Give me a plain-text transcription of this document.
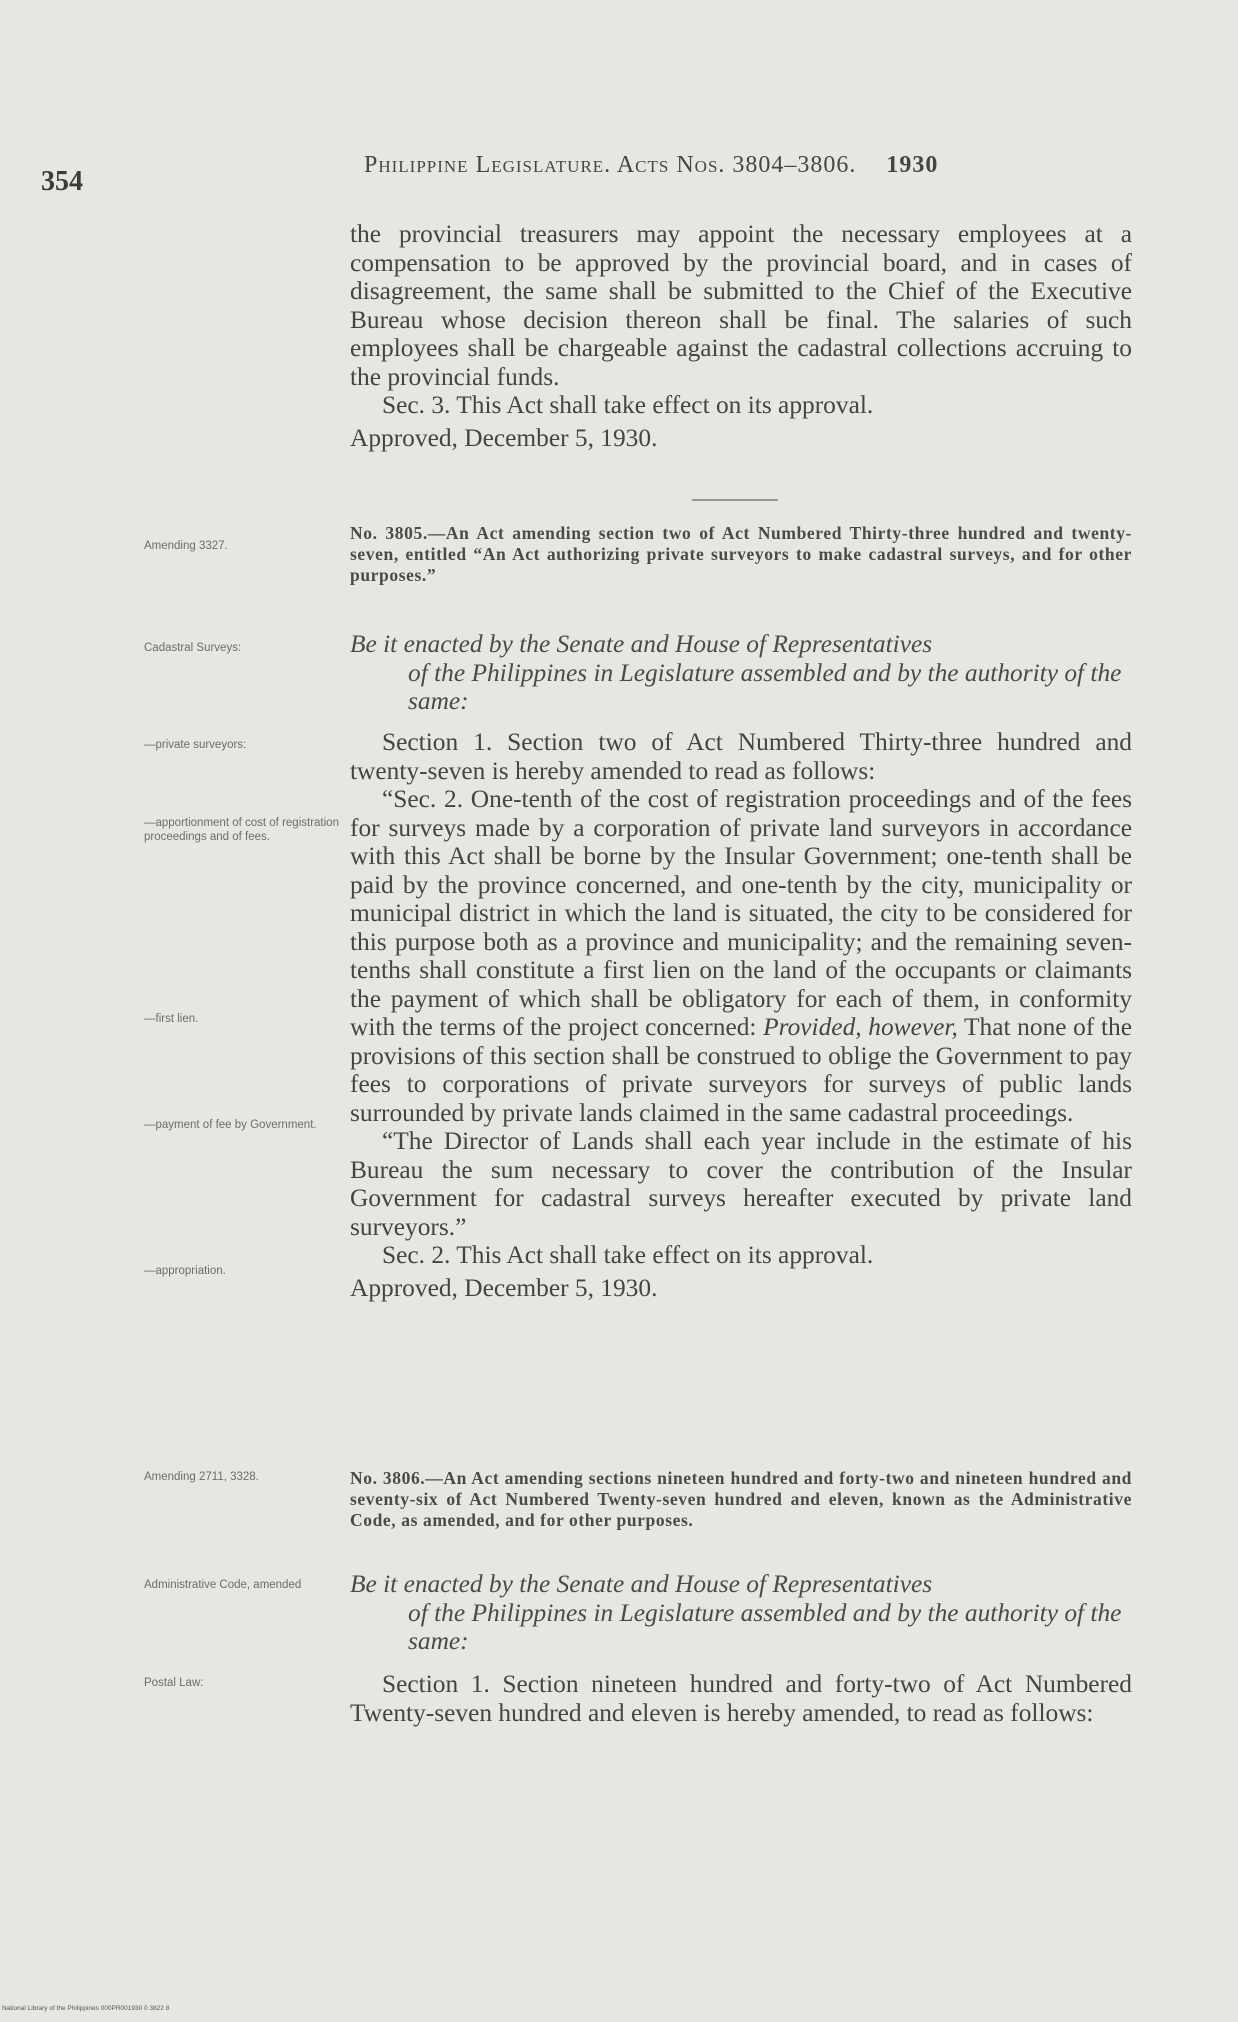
354
Philippine Legislature. Acts Nos. 3804–3806. 1930

the provincial treasurers may appoint the necessary employees at a compensation to be approved by the provincial board, and in cases of disagreement, the same shall be submitted to the Chief of the Executive Bureau whose decision thereon shall be final. The salaries of such employees shall be chargeable against the cadastral collections accruing to the provincial funds.

Sec. 3. This Act shall take effect on its approval.

Approved, December 5, 1930.

Amending 3327.
No. 3805.—An Act amending section two of Act Numbered Thirty-three hundred and twenty-seven, entitled “An Act authorizing private surveyors to make cadastral surveys, and for other purposes.”
Cadastral Surveys:	Be it enacted by the Senate and House of Representatives
of the Philippines in Legislature assembled and by the authority of the same:
—private surveyors:
—apportionment of cost of registration proceedings and of fees.
—first lien.
—payment of fee by Government.
—appropriation.

Section 1. Section two of Act Numbered Thirty-three hundred and twenty-seven is hereby amended to read as follows:

“Sec. 2. One-tenth of the cost of registration proceedings and of the fees for surveys made by a corporation of private land surveyors in accordance with this Act shall be borne by the Insular Government; one-tenth shall be paid by the province concerned, and one-tenth by the city, municipality or municipal district in which the land is situated, the city to be considered for this purpose both as a province and municipality; and the remaining seven-tenths shall constitute a first lien on the land of the occupants or claimants the payment of which shall be obligatory for each of them, in conformity with the terms of the project concerned: Provided, however, That none of the provisions of this section shall be construed to oblige the Government to pay fees to corporations of private surveyors for surveys of public lands surrounded by private lands claimed in the same cadastral proceedings.

“The Director of Lands shall each year include in the estimate of his Bureau the sum necessary to cover the contribution of the Insular Government for cadastral surveys hereafter executed by private land surveyors.”

Sec. 2. This Act shall take effect on its approval.

Approved, December 5, 1930.

Amending 2711, 3328.	No. 3806.—An Act amending sections nineteen hundred and forty-two and nineteen hundred and seventy-six of Act Numbered Twenty-seven hundred and eleven, known as the Administrative Code, as amended, and for other purposes.
Administrative Code, amended	Be it enacted by the Senate and House of Representatives
of the Philippines in Legislature assembled and by the authority of the same:
Postal Law:	Section 1. Section nineteen hundred and forty-two of Act Numbered Twenty-seven hundred and eleven is hereby amended, to read as follows:

National Library of the Philippines 000PR001930 0 3822 8
